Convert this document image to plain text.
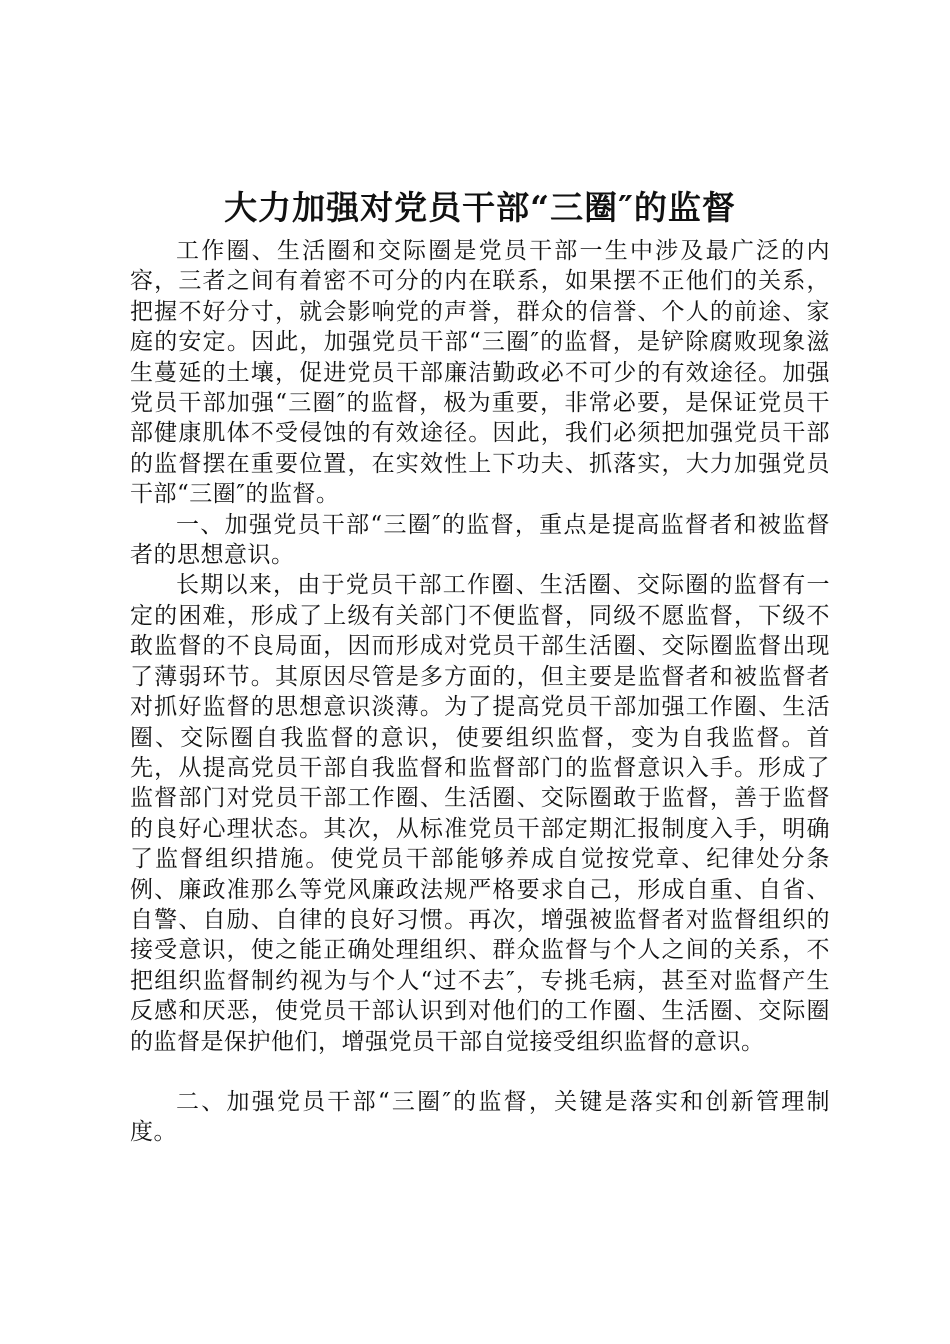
大力加强对党员干部“三圈″的监督

工作圈、生活圈和交际圈是党员干部一生中涉及最广泛的内容，三者之间有着密不可分的内在联系，如果摆不正他们的关系，把握不好分寸，就会影响党的声誉，群众的信誉、个人的前途、家庭的安定。因此，加强党员干部“三圈″的监督，是铲除腐败现象滋生蔓延的土壤，促进党员干部廉洁勤政必不可少的有效途径。加强党员干部加强“三圈″的监督，极为重要，非常必要，是保证党员干部健康肌体不受侵蚀的有效途径。因此，我们必须把加强党员干部的监督摆在重要位置，在实效性上下功夫、抓落实，大力加强党员干部“三圈″的监督。

一、加强党员干部“三圈″的监督，重点是提高监督者和被监督者的思想意识。

长期以来，由于党员干部工作圈、生活圈、交际圈的监督有一定的困难，形成了上级有关部门不便监督，同级不愿监督，下级不敢监督的不良局面，因而形成对党员干部生活圈、交际圈监督出现了薄弱环节。其原因尽管是多方面的，但主要是监督者和被监督者对抓好监督的思想意识淡薄。为了提高党员干部加强工作圈、生活圈、交际圈自我监督的意识，使要组织监督，变为自我监督。首先，从提高党员干部自我监督和监督部门的监督意识入手。形成了监督部门对党员干部工作圈、生活圈、交际圈敢于监督，善于监督的良好心理状态。其次，从标准党员干部定期汇报制度入手，明确了监督组织措施。使党员干部能够养成自觉按党章、纪律处分条例、廉政准那么等党风廉政法规严格要求自己，形成自重、自省、自警、自励、自律的良好习惯。再次，增强被监督者对监督组织的接受意识，使之能正确处理组织、群众监督与个人之间的关系，不把组织监督制约视为与个人“过不去″，专挑毛病，甚至对监督产生反感和厌恶，使党员干部认识到对他们的工作圈、生活圈、交际圈的监督是保护他们，增强党员干部自觉接受组织监督的意识。

二、加强党员干部“三圈″的监督，关键是落实和创新管理制度。
